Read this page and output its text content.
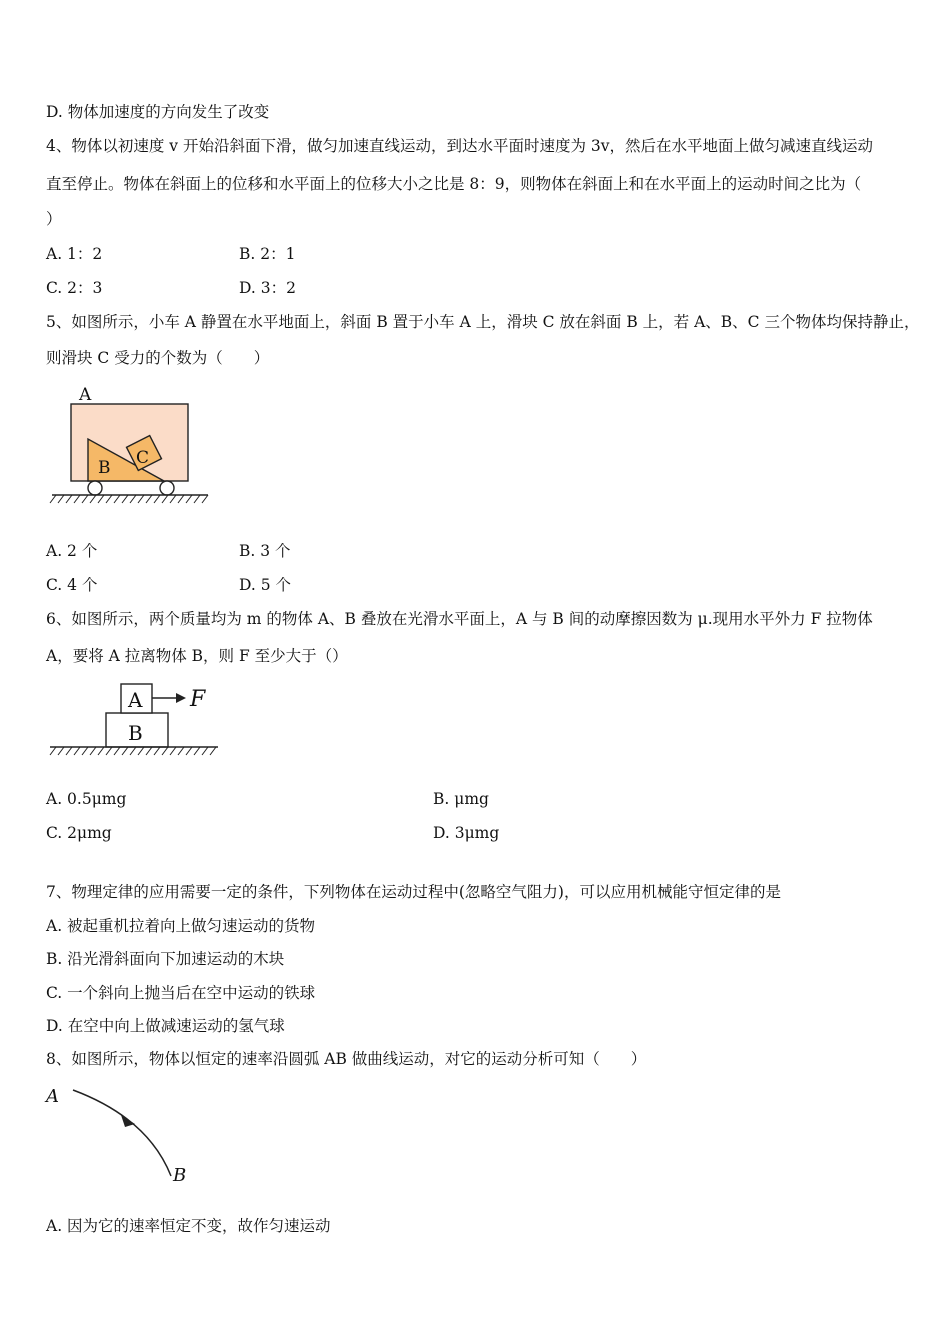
D. 物体加速度的方向发生了改变
4、物体以初速度 v 开始沿斜面下滑，做匀加速直线运动，到达水平面时速度为 3v，然后在水平地面上做匀减速直线运动
直至停止。物体在斜面上的位移和水平面上的位移大小之比是 8：9，则物体在斜面上和在水平面上的运动时间之比为（
）
A. 1：2	B. 2：1
C. 2：3	D. 3：2
5、如图所示，小车 A 静置在水平地面上，斜面 B 置于小车 A 上，滑块 C 放在斜面 B 上，若 A、B、C 三个物体均保持静止，
则滑块 C 受力的个数为（　　）
A
B C
A. 2 个	B. 3 个
C. 4 个	D. 5 个
6、如图所示，两个质量均为 m 的物体 A、B 叠放在光滑水平面上，A 与 B 间的动摩擦因数为 μ.现用水平外力 F 拉物体
A，要将 A 拉离物体 B，则 F 至少大于（）
B
A F
A. 0.5μmg	B. μmg
C. 2μmg	D. 3μmg
7、物理定律的应用需要一定的条件，下列物体在运动过程中(忽略空气阻力)，可以应用机械能守恒定律的是
A. 被起重机拉着向上做匀速运动的货物
B. 沿光滑斜面向下加速运动的木块
C. 一个斜向上抛当后在空中运动的铁球
D. 在空中向上做减速运动的氢气球
8、如图所示，物体以恒定的速率沿圆弧 AB 做曲线运动，对它的运动分析可知（　　）
A
B
A. 因为它的速率恒定不变，故作匀速运动
